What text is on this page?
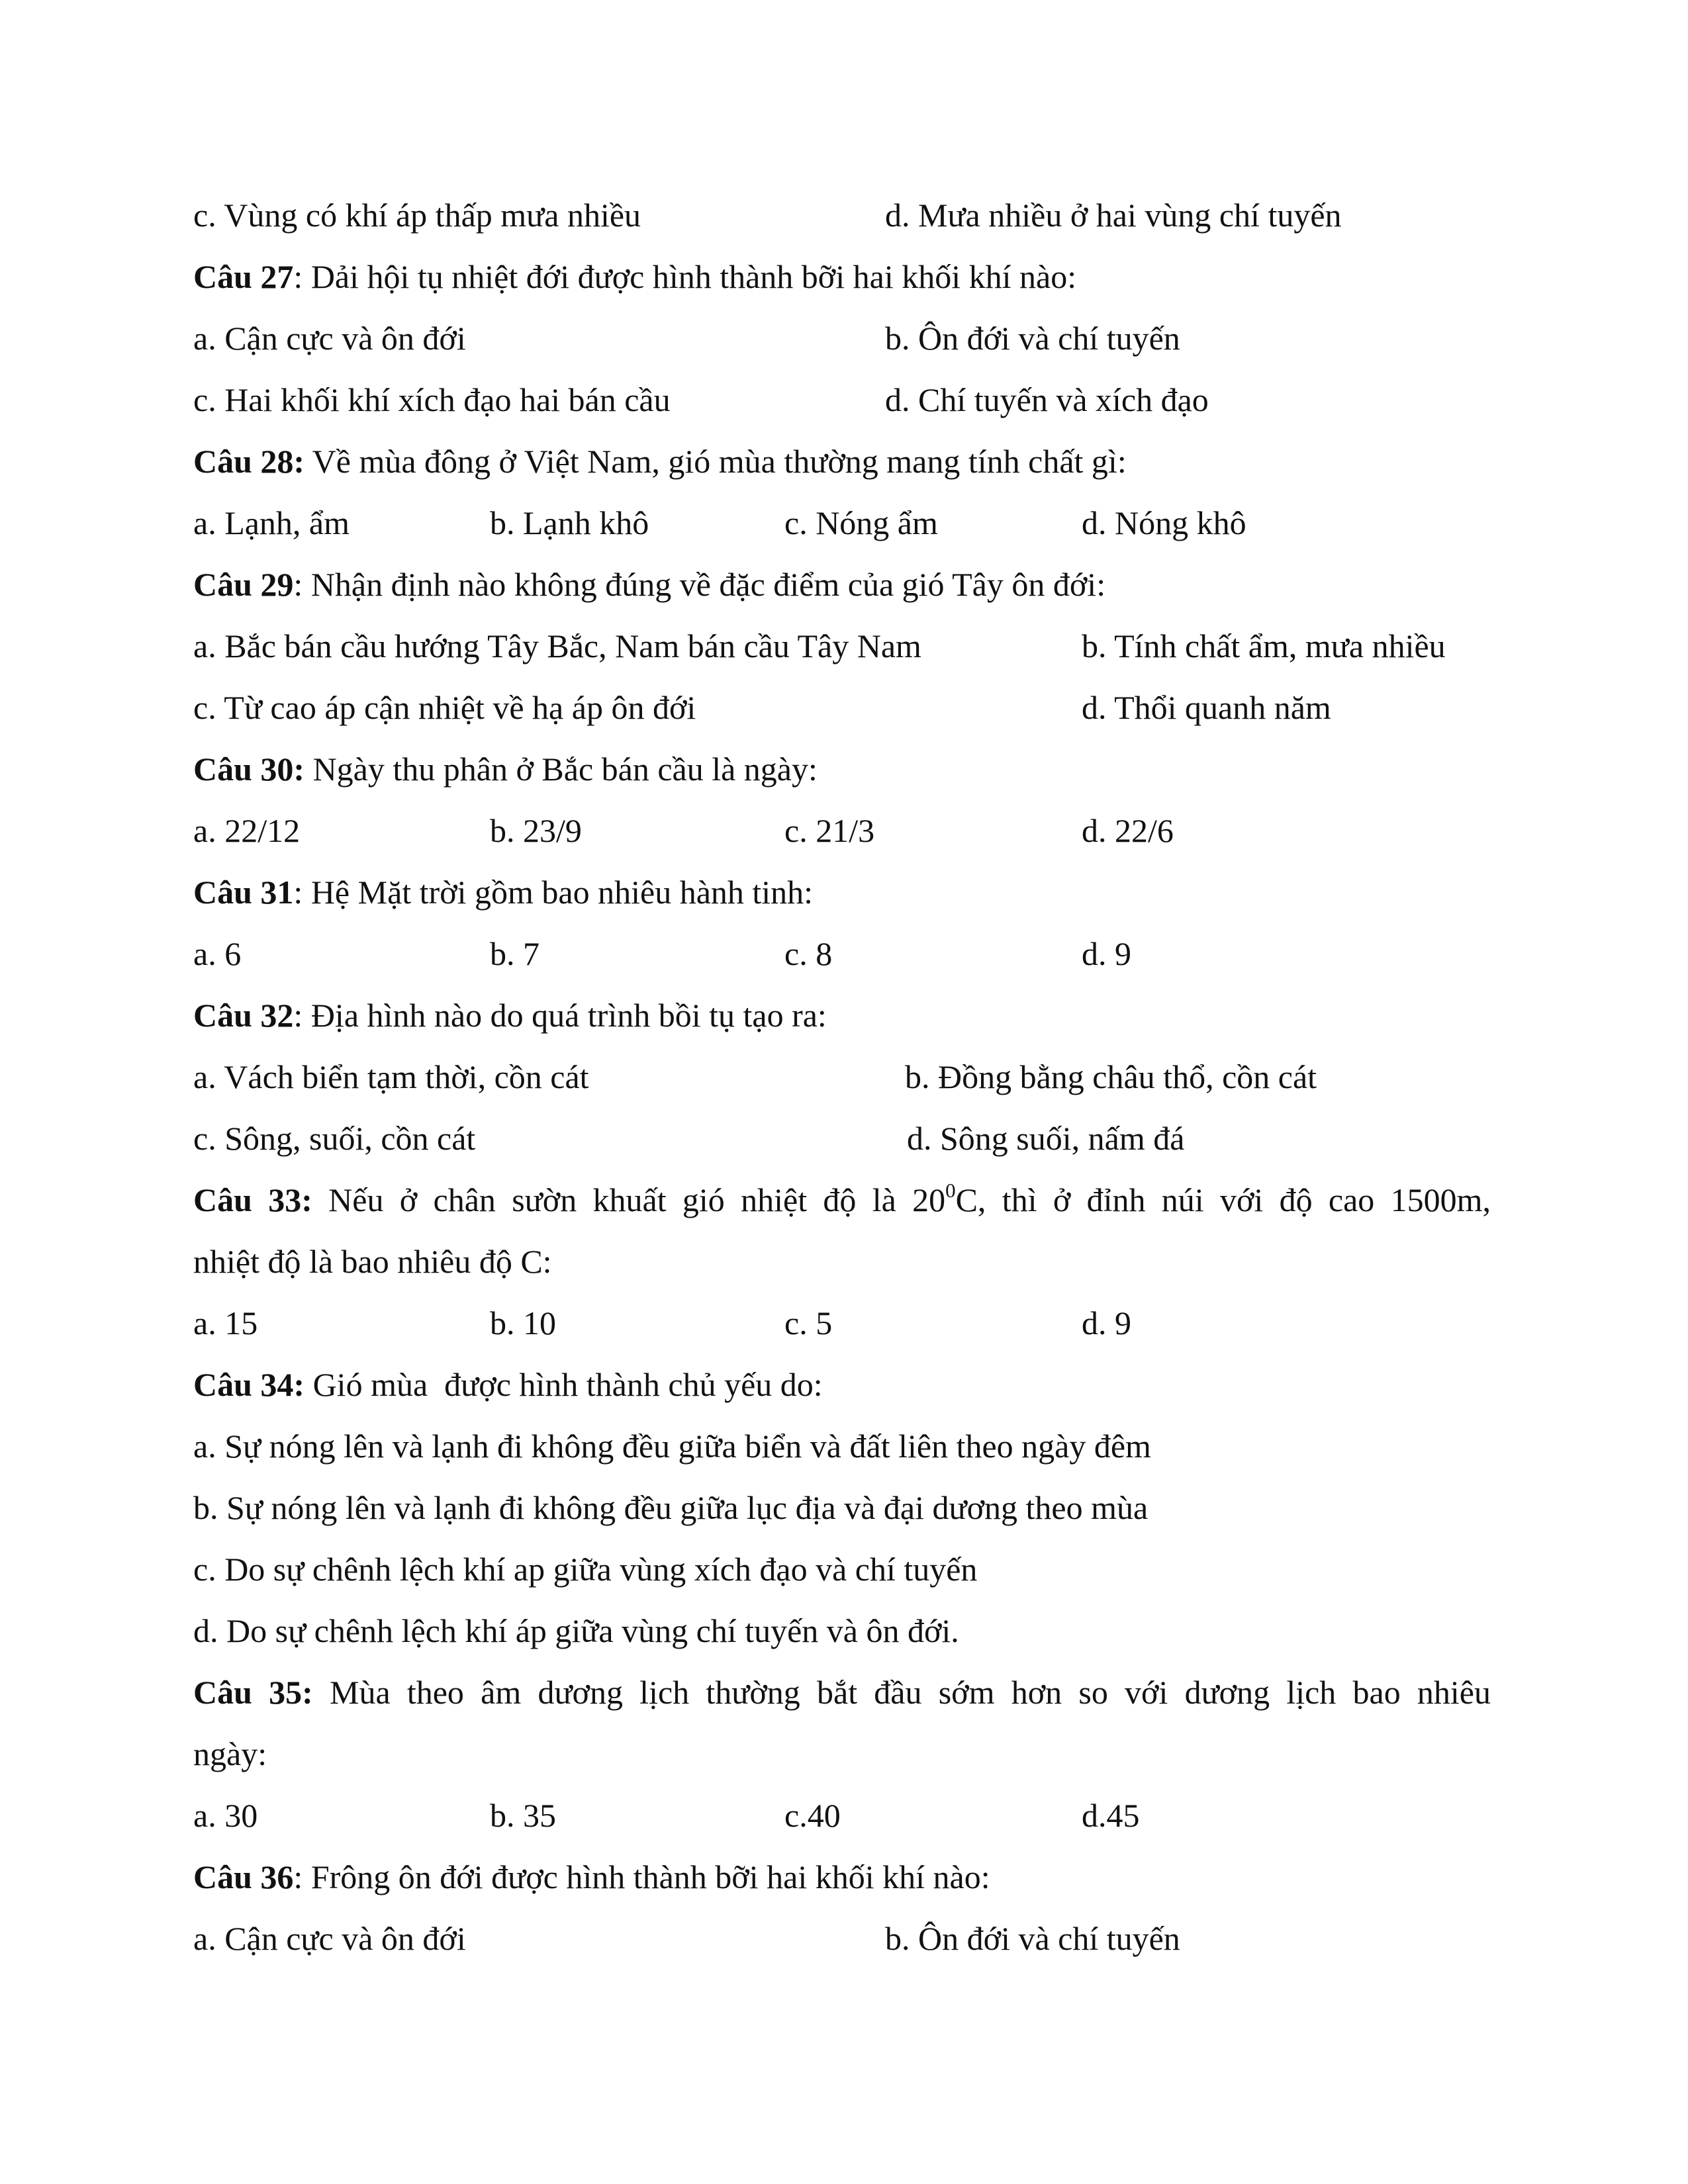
c. Vùng có khí áp thấp mưa nhiều	d. Mưa nhiều ở hai vùng chí tuyến
Câu 27: Dải hội tụ nhiệt đới được hình thành bỡi hai khối khí nào:
a. Cận cực và ôn đới	b. Ôn đới và chí tuyến
c. Hai khối khí xích đạo hai bán cầu	d. Chí tuyến và xích đạo
Câu 28: Về mùa đông ở Việt Nam, gió mùa thường mang tính chất gì:
a. Lạnh, ẩm	b. Lạnh khô	c. Nóng ẩm	d. Nóng khô
Câu 29: Nhận định nào không đúng về đặc điểm của gió Tây ôn đới:
a. Bắc bán cầu hướng Tây Bắc, Nam bán cầu Tây Nam	b. Tính chất ẩm, mưa nhiều
c. Từ cao áp cận nhiệt về hạ áp ôn đới	d. Thổi quanh năm
Câu 30: Ngày thu phân ở Bắc bán cầu là ngày:
a. 22/12	b. 23/9	c. 21/3	d. 22/6
Câu 31: Hệ Mặt trời gồm bao nhiêu hành tinh:
a. 6	b. 7	c. 8	d. 9
Câu 32: Địa hình nào do quá trình bồi tụ tạo ra:
a. Vách biển tạm thời, cồn cát	b. Đồng bằng châu thổ, cồn cát
c. Sông, suối, cồn cát	d. Sông suối, nấm đá
Câu 33: Nếu ở chân sườn khuất gió nhiệt độ là $20^0C$, thì ở đỉnh núi với độ cao 1500m,
nhiệt độ là bao nhiêu độ C:
a. 15	b. 10	c. 5	d. 9
Câu 34: Gió mùa  được hình thành chủ yếu do:
a. Sự nóng lên và lạnh đi không đều giữa biển và đất liên theo ngày đêm
b. Sự nóng lên và lạnh đi không đều giữa lục địa và đại dương theo mùa
c. Do sự chênh lệch khí ap giữa vùng xích đạo và chí tuyến
d. Do sự chênh lệch khí áp giữa vùng chí tuyến và ôn đới.
Câu 35: Mùa theo âm dương lịch thường bắt đầu sớm hơn so với dương lịch bao nhiêu
ngày:
a. 30	b. 35	c.40	d.45
Câu 36: Frông ôn đới được hình thành bỡi hai khối khí nào:
a. Cận cực và ôn đới	b. Ôn đới và chí tuyến
